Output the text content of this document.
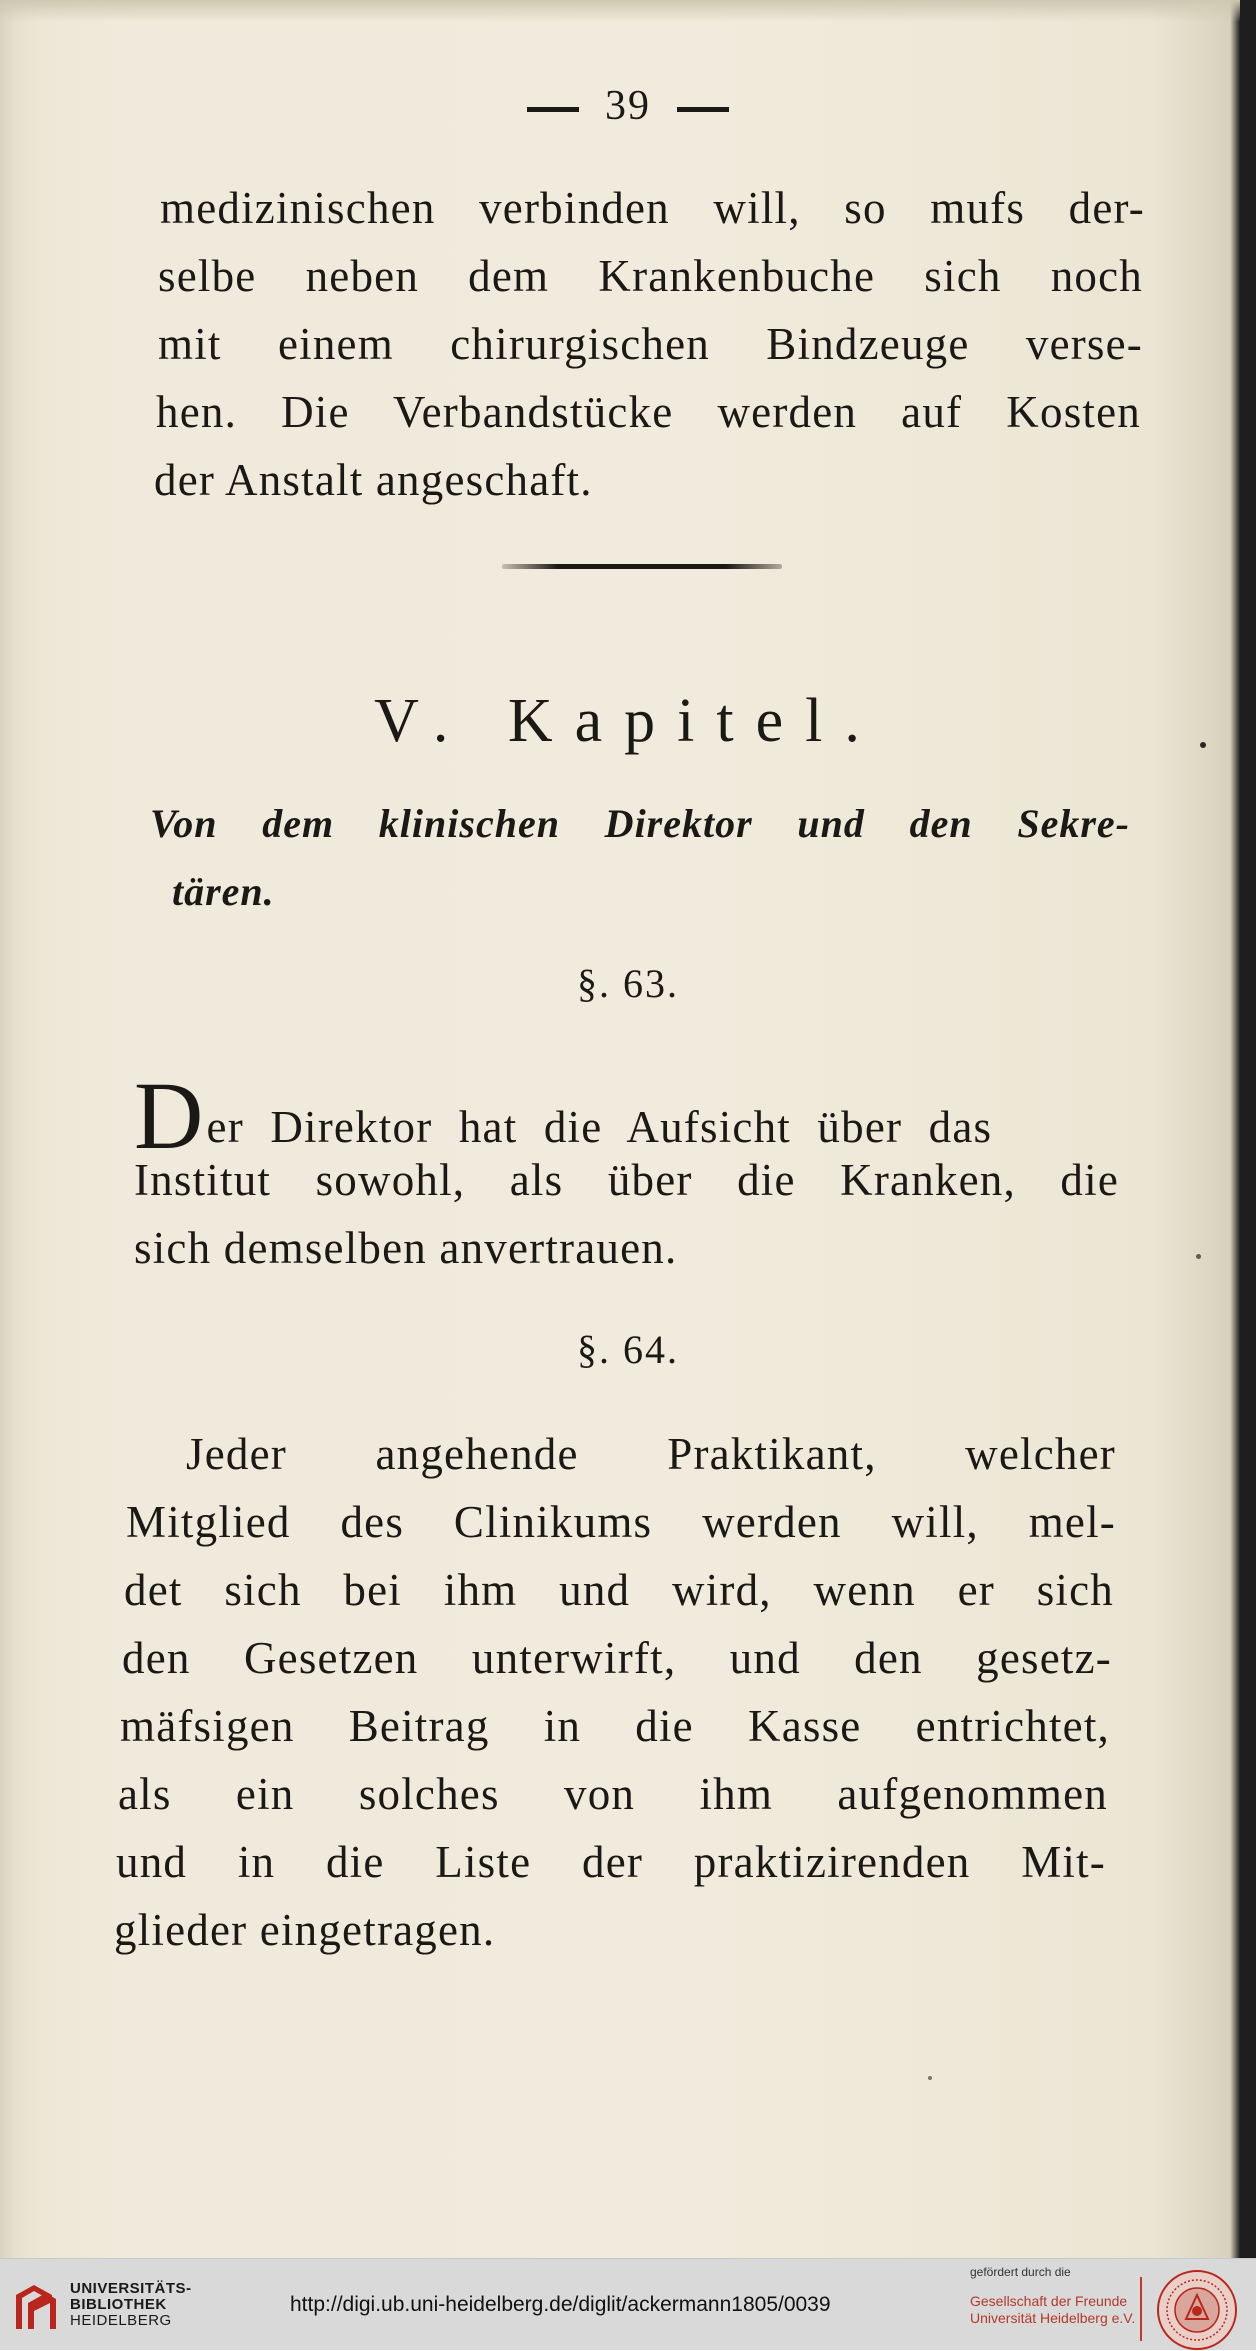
39
medizinischen verbinden will, so mufs der-
selbe neben dem Krankenbuche sich noch
mit einem chirurgischen Bindzeuge verse-
hen. Die Verbandstücke werden auf Kosten
der Anstalt angeschaft.
V. Kapitel.
Von dem klinischen Direktor und den Sekre-
tären.
§. 63.
Der Direktor hat die Aufsicht über das
Institut sowohl, als über die Kranken, die
sich demselben anvertrauen.
§. 64.
Jeder angehende Praktikant, welcher
Mitglied des Clinikums werden will, mel-
det sich bei ihm und wird, wenn er sich
den Gesetzen unterwirft, und den gesetz-
mäfsigen Beitrag in die Kasse entrichtet,
als ein solches von ihm aufgenommen
und in die Liste der praktizirenden Mit-
glieder eingetragen.
UNIVERSITÄTS-
BIBLIOTHEK
HEIDELBERG
http://digi.ub.uni-heidelberg.de/diglit/ackermann1805/0039
gefördert durch die
Gesellschaft der Freunde
Universität Heidelberg e.V.
